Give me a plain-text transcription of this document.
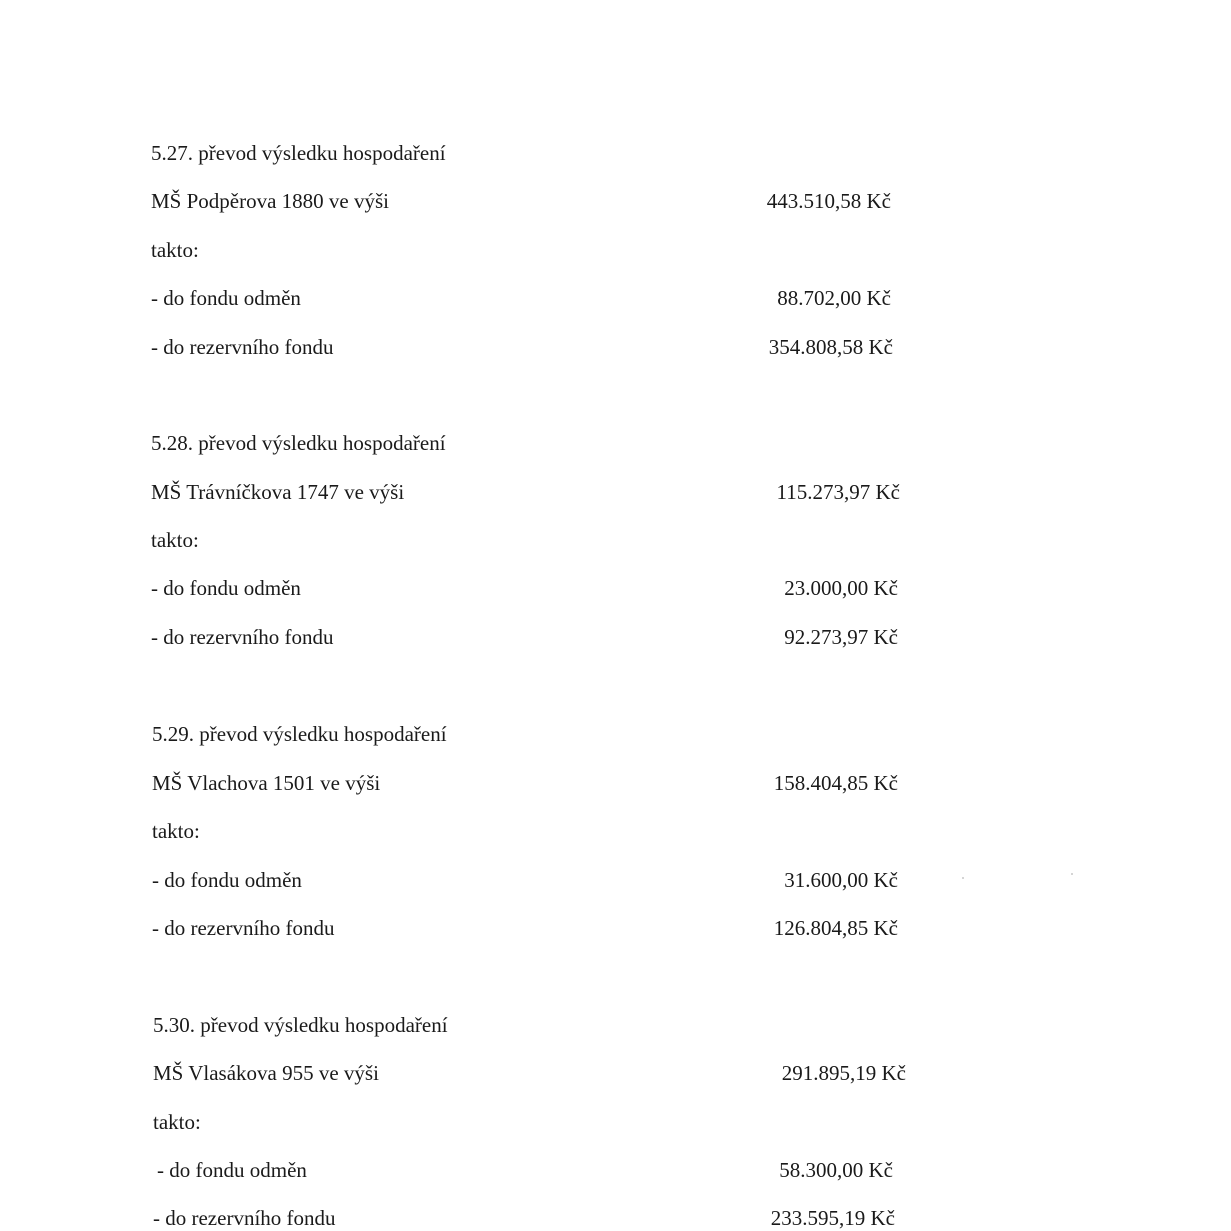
5.27. převod výsledku hospodaření
MŠ Podpěrova 1880 ve výši	443.510,58 Kč
takto:
- do fondu odměn	88.702,00 Kč
- do rezervního fondu	354.808,58 Kč
5.28. převod výsledku hospodaření
MŠ Trávníčkova 1747 ve výši	115.273,97 Kč
takto:
- do fondu odměn	23.000,00 Kč
- do rezervního fondu	92.273,97 Kč
5.29. převod výsledku hospodaření
MŠ Vlachova 1501 ve výši	158.404,85 Kč
takto:
- do fondu odměn	31.600,00 Kč
- do rezervního fondu	126.804,85 Kč
5.30. převod výsledku hospodaření
MŠ Vlasákova 955 ve výši	291.895,19 Kč
takto:
- do fondu odměn	58.300,00 Kč
- do rezervního fondu	233.595,19 Kč
